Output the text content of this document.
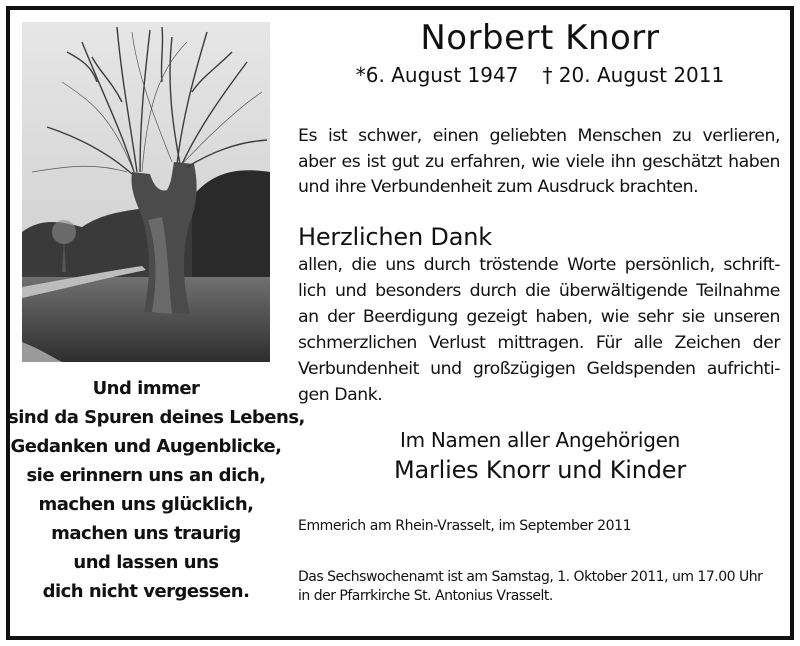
Und immer
sind da Spuren deines Lebens,
Gedanken und Augenblicke,
sie erinnern uns an dich,
machen uns glücklich,
machen uns traurig
und lassen uns
dich nicht vergessen.
Norbert Knorr
*6. August 1947 † 20. August 2011
Es ist schwer, einen geliebten Menschen zu verlieren, aber es ist gut zu erfahren, wie viele ihn geschätzt haben und ihre Verbundenheit zum Ausdruck brachten.
Herzlichen Dank
allen, die uns durch tröstende Worte persönlich, schrift-
lich und besonders durch die überwältigende Teilnahme
an der Beerdigung gezeigt haben, wie sehr sie unseren
schmerzlichen Verlust mittragen. Für alle Zeichen der
Verbundenheit und großzügigen Geldspenden aufrichti-
gen Dank.
Im Namen aller Angehörigen
Marlies Knorr und Kinder
Emmerich am Rhein-Vrasselt, im September 2011
Das Sechswochenamt ist am Samstag, 1. Oktober 2011, um 17.00 Uhr
in der Pfarrkirche St. Antonius Vrasselt.
